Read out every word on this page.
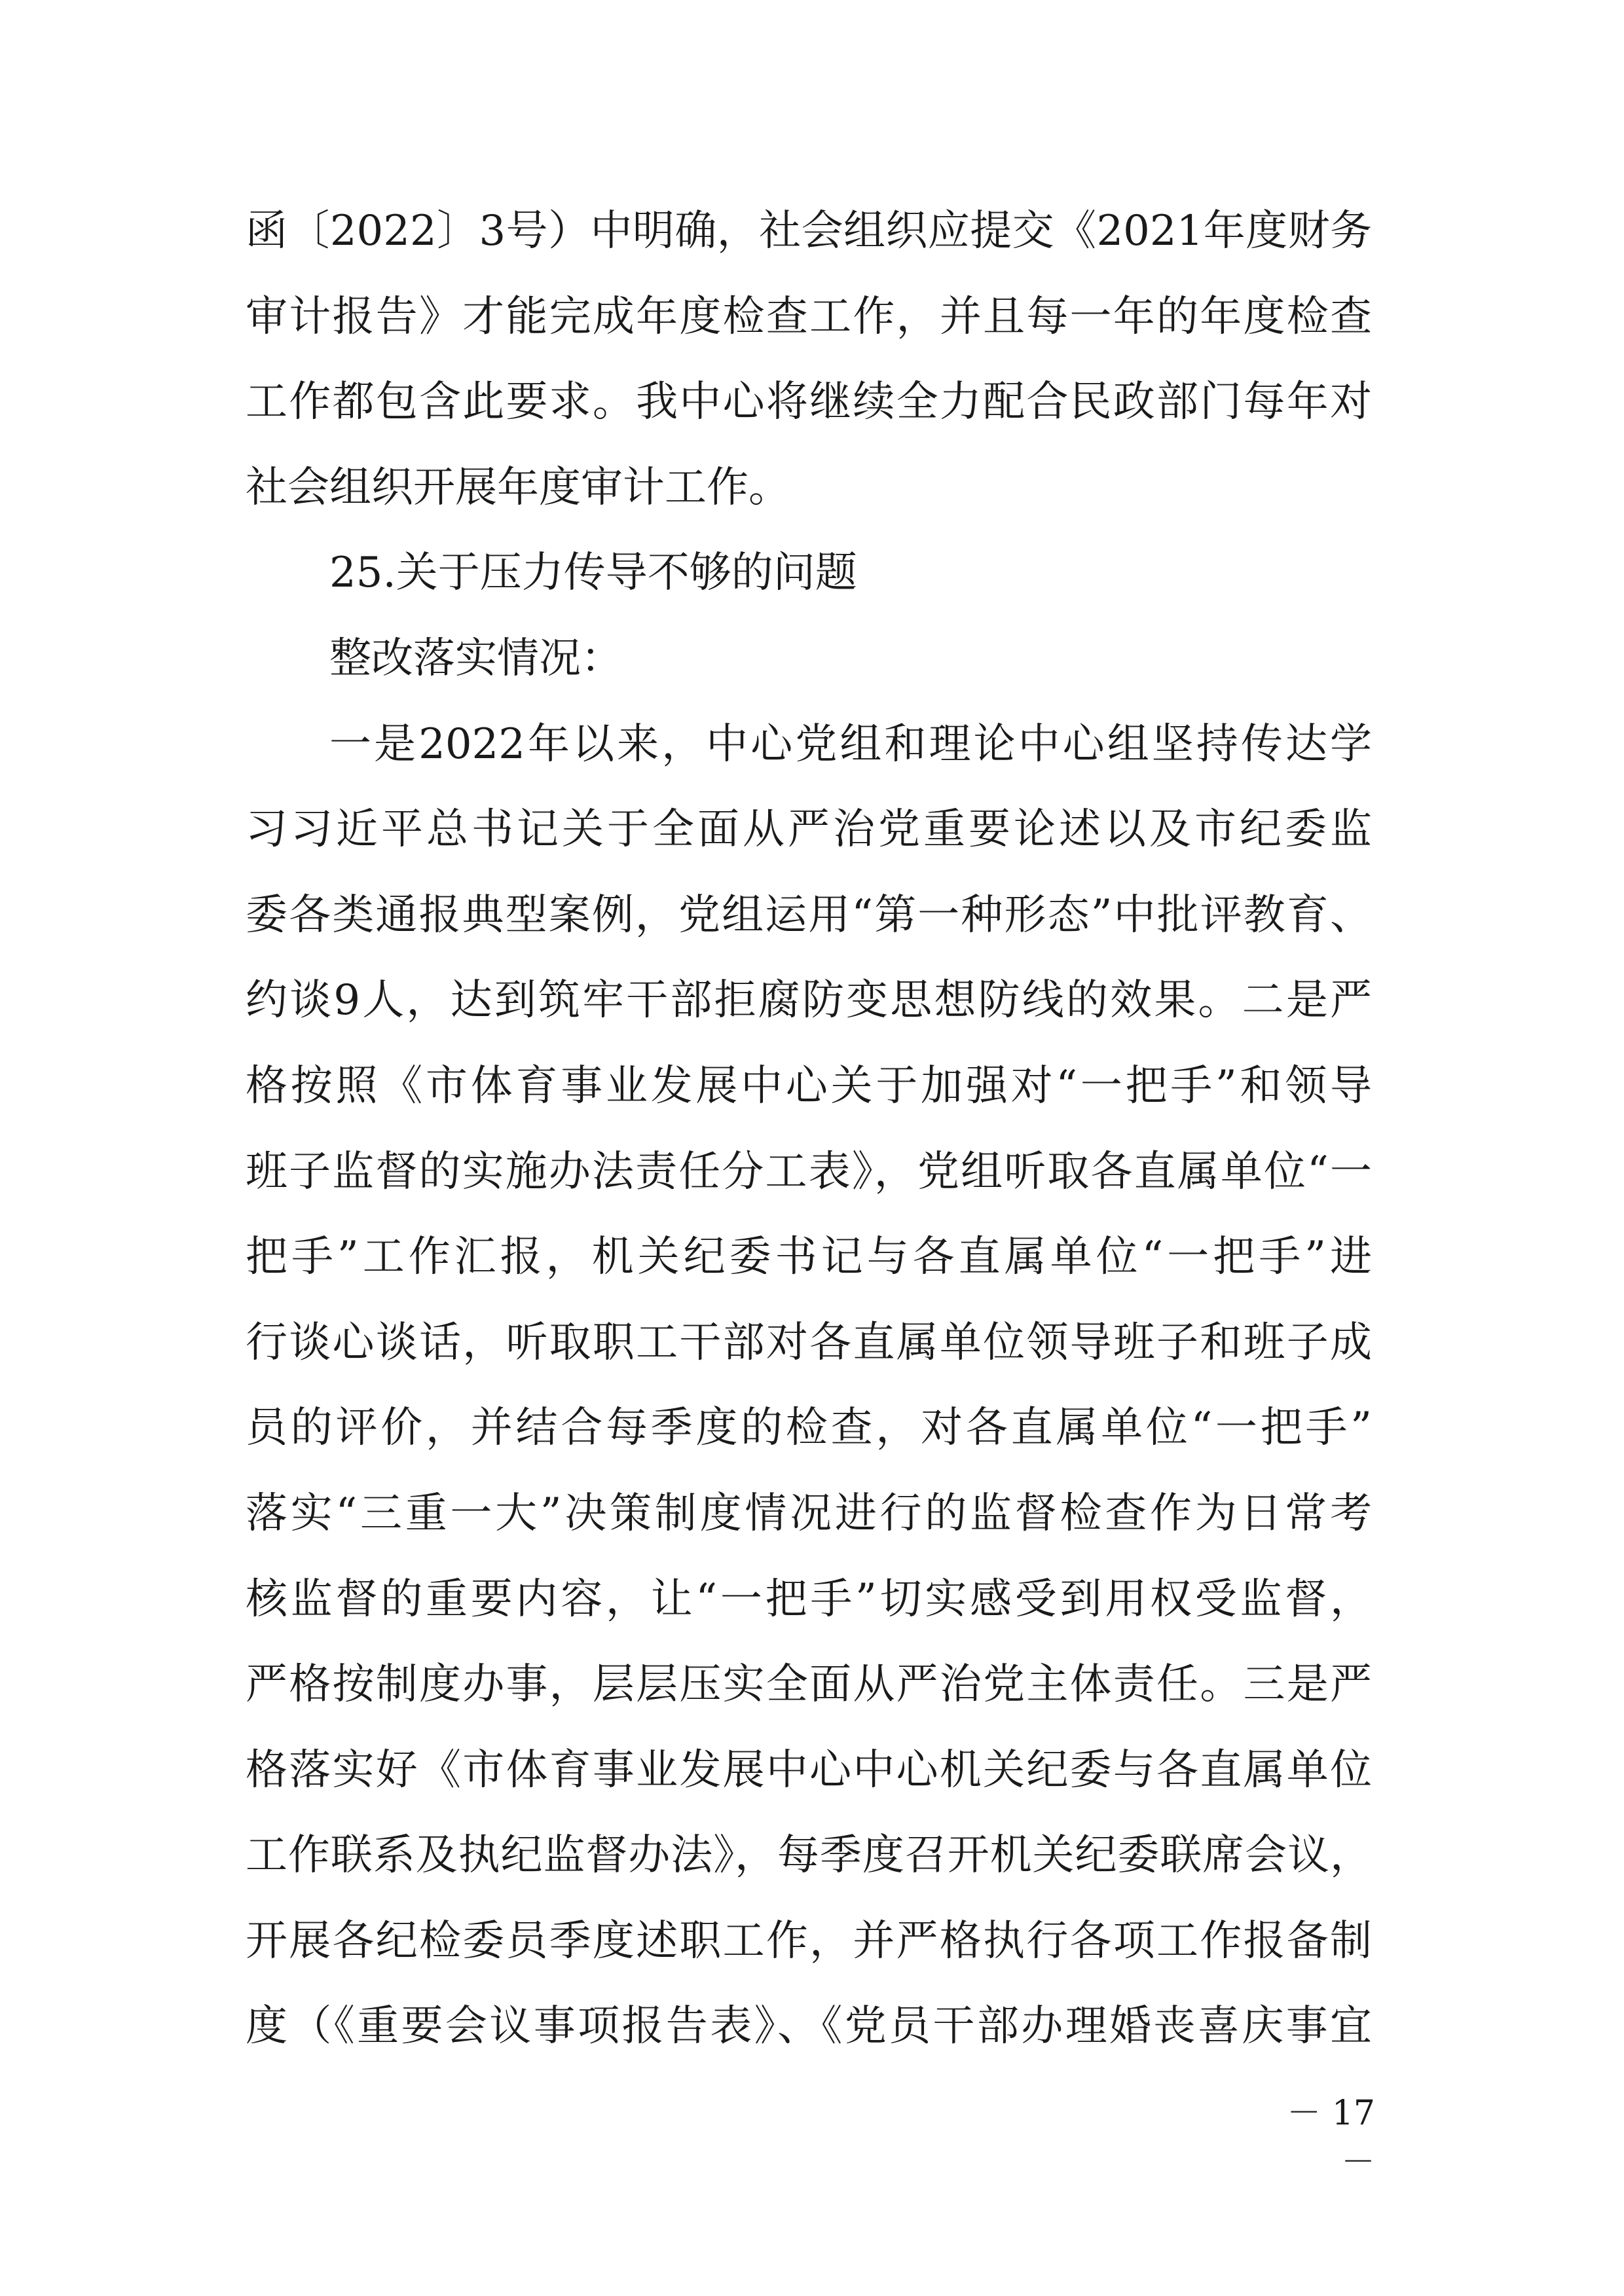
函〔2022〕3号）中明确，社会组织应提交《2021年度财务
审计报告》才能完成年度检查工作，并且每一年的年度检查
工作都包含此要求。我中心将继续全力配合民政部门每年对
社会组织开展年度审计工作。
25.关于压力传导不够的问题
整改落实情况：
一是2022年以来，中心党组和理论中心组坚持传达学
习习近平总书记关于全面从严治党重要论述以及市纪委监
委各类通报典型案例，党组运用“第一种形态”中批评教育、
约谈9人，达到筑牢干部拒腐防变思想防线的效果。二是严
格按照《市体育事业发展中心关于加强对“一把手”和领导
班子监督的实施办法责任分工表》，党组听取各直属单位“一
把手”工作汇报，机关纪委书记与各直属单位“一把手”进
行谈心谈话，听取职工干部对各直属单位领导班子和班子成
员的评价，并结合每季度的检查，对各直属单位“一把手”
落实“三重一大”决策制度情况进行的监督检查作为日常考
核监督的重要内容，让“一把手”切实感受到用权受监督，
严格按制度办事，层层压实全面从严治党主体责任。三是严
格落实好《市体育事业发展中心中心机关纪委与各直属单位
工作联系及执纪监督办法》，每季度召开机关纪委联席会议，
开展各纪检委员季度述职工作，并严格执行各项工作报备制
度（《重要会议事项报告表》、《党员干部办理婚丧喜庆事宜
－ 17 －
